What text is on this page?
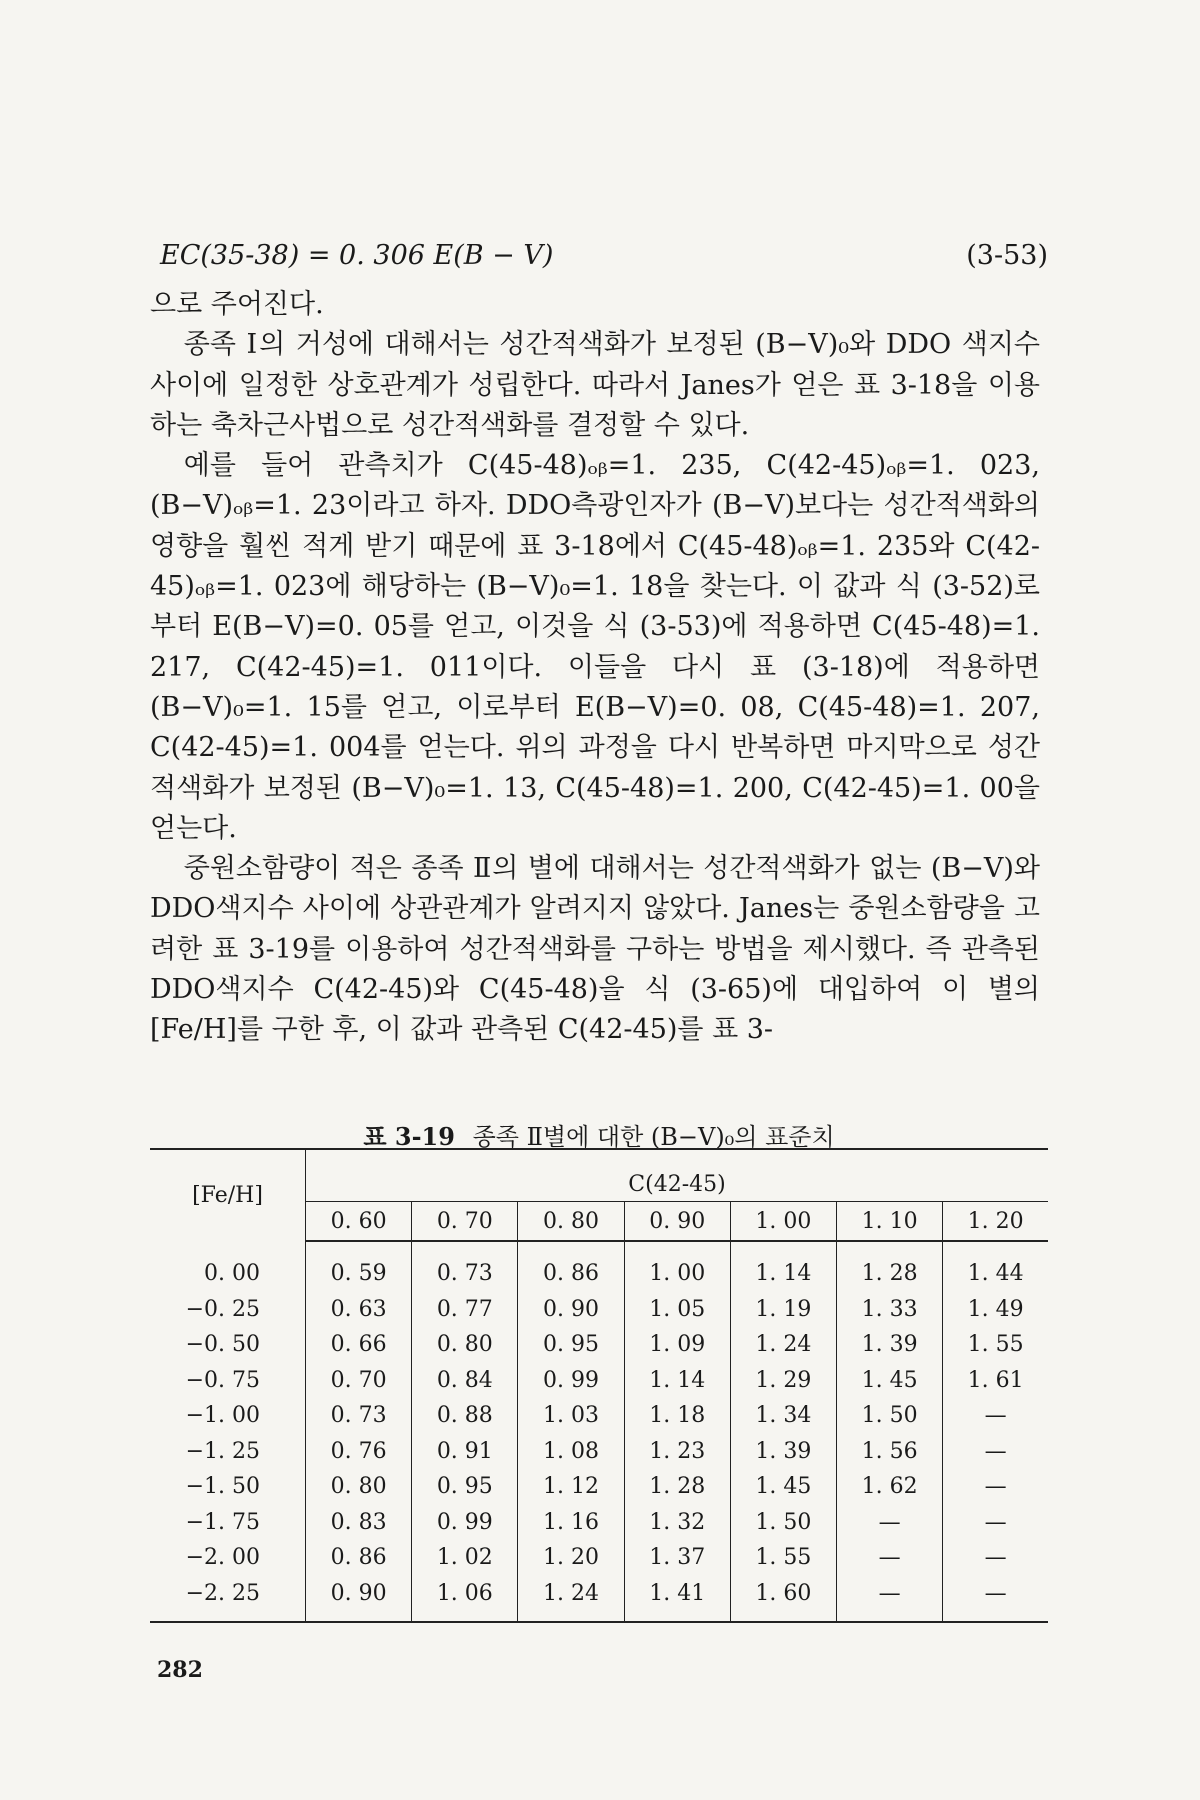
EC(35-38) = 0. 306 E(B − V)	(3-53)

으로 주어진다.

종족 Ⅰ의 거성에 대해서는 성간적색화가 보정된 (B−V)₀와 DDO 색지수 사이에 일정한 상호관계가 성립한다. 따라서 Janes가 얻은 표 3-18을 이용하는 축차근사법으로 성간적색화를 결정할 수 있다.

예를 들어 관측치가 C(45-48)ₒᵦ=1. 235, C(42-45)ₒᵦ=1. 023, (B−V)ₒᵦ=1. 23이라고 하자. DDO측광인자가 (B−V)보다는 성간적색화의 영향을 훨씬 적게 받기 때문에 표 3-18에서 C(45-48)ₒᵦ=1. 235와 C(42-45)ₒᵦ=1. 023에 해당하는 (B−V)₀=1. 18을 찾는다. 이 값과 식 (3-52)로부터 E(B−V)=0. 05를 얻고, 이것을 식 (3-53)에 적용하면 C(45-48)=1. 217, C(42-45)=1. 011이다. 이들을 다시 표 (3-18)에 적용하면 (B−V)₀=1. 15를 얻고, 이로부터 E(B−V)=0. 08, C(45-48)=1. 207, C(42-45)=1. 004를 얻는다. 위의 과정을 다시 반복하면 마지막으로 성간적색화가 보정된 (B−V)₀=1. 13, C(45-48)=1. 200, C(42-45)=1. 00을 얻는다.

중원소함량이 적은 종족 Ⅱ의 별에 대해서는 성간적색화가 없는 (B−V)와 DDO색지수 사이에 상관관계가 알려지지 않았다. Janes는 중원소함량을 고려한 표 3-19를 이용하여 성간적색화를 구하는 방법을 제시했다. 즉 관측된 DDO색지수 C(42-45)와 C(45-48)을 식 (3-65)에 대입하여 이 별의 [Fe/H]를 구한 후, 이 값과 관측된 C(42-45)를 표 3-

표 3-19 종족 Ⅱ별에 대한 (B−V)₀의 표준치
[Fe/H]	C(42-45)						
	0. 60	0. 70	0. 80	0. 90	1. 00	1. 10	1. 20
0. 00	0. 59	0. 73	0. 86	1. 00	1. 14	1. 28	1. 44
−0. 25	0. 63	0. 77	0. 90	1. 05	1. 19	1. 33	1. 49
−0. 50	0. 66	0. 80	0. 95	1. 09	1. 24	1. 39	1. 55
−0. 75	0. 70	0. 84	0. 99	1. 14	1. 29	1. 45	1. 61
−1. 00	0. 73	0. 88	1. 03	1. 18	1. 34	1. 50	—
−1. 25	0. 76	0. 91	1. 08	1. 23	1. 39	1. 56	—
−1. 50	0. 80	0. 95	1. 12	1. 28	1. 45	1. 62	—
−1. 75	0. 83	0. 99	1. 16	1. 32	1. 50	—	—
−2. 00	0. 86	1. 02	1. 20	1. 37	1. 55	—	—
−2. 25	0. 90	1. 06	1. 24	1. 41	1. 60	—	—
282
